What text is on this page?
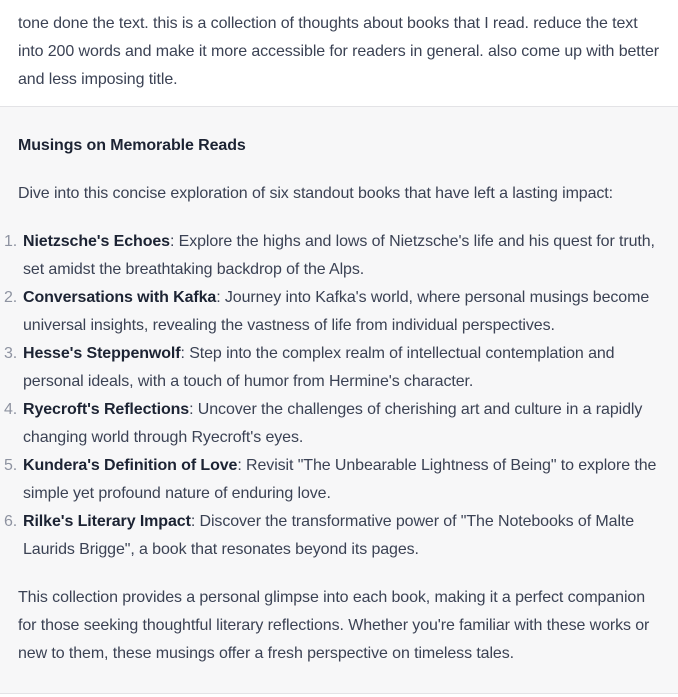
tone done the text. this is a collection of thoughts about books that I read. reduce the text into 200 words and make it more accessible for readers in general. also come up with better and less imposing title.
Musings on Memorable Reads

Dive into this concise exploration of six standout books that have left a lasting impact:

1. Nietzsche's Echoes: Explore the highs and lows of Nietzsche's life and his quest for truth, set amidst the breathtaking backdrop of the Alps.
2. Conversations with Kafka: Journey into Kafka's world, where personal musings become universal insights, revealing the vastness of life from individual perspectives.
3. Hesse's Steppenwolf: Step into the complex realm of intellectual contemplation and personal ideals, with a touch of humor from Hermine's character.
4. Ryecroft's Reflections: Uncover the challenges of cherishing art and culture in a rapidly changing world through Ryecroft's eyes.
5. Kundera's Definition of Love: Revisit "The Unbearable Lightness of Being" to explore the simple yet profound nature of enduring love.
6. Rilke's Literary Impact: Discover the transformative power of "The Notebooks of Malte Laurids Brigge", a book that resonates beyond its pages.

This collection provides a personal glimpse into each book, making it a perfect companion for those seeking thoughtful literary reflections. Whether you're familiar with these works or new to them, these musings offer a fresh perspective on timeless tales.
